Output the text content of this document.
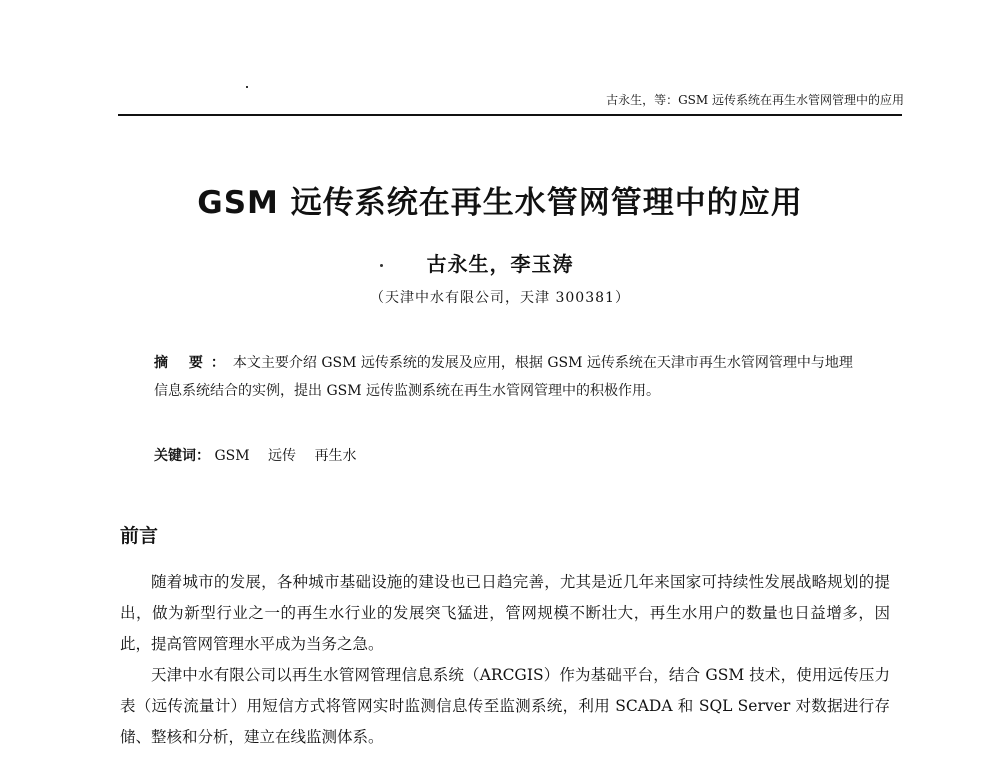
古永生，等：GSM 远传系统在再生水管网管理中的应用
GSM 远传系统在再生水管网管理中的应用
古永生，李玉涛
（天津中水有限公司，天津 300381）
摘 要：本文主要介绍 GSM 远传系统的发展及应用，根据 GSM 远传系统在天津市再生水管网管理中与地理信息系统结合的实例，提出 GSM 远传监测系统在再生水管网管理中的积极作用。
关键词： GSM 远传 再生水
前言

随着城市的发展，各种城市基础设施的建设也已日趋完善，尤其是近几年来国家可持续性发展战略规划的提出，做为新型行业之一的再生水行业的发展突飞猛进，管网规模不断壮大，再生水用户的数量也日益增多，因此，提高管网管理水平成为当务之急。

天津中水有限公司以再生水管网管理信息系统（ARCGIS）作为基础平台，结合 GSM 技术，使用远传压力表（远传流量计）用短信方式将管网实时监测信息传至监测系统，利用 SCADA 和 SQL Server 对数据进行存储、整核和分析，建立在线监测体系。
